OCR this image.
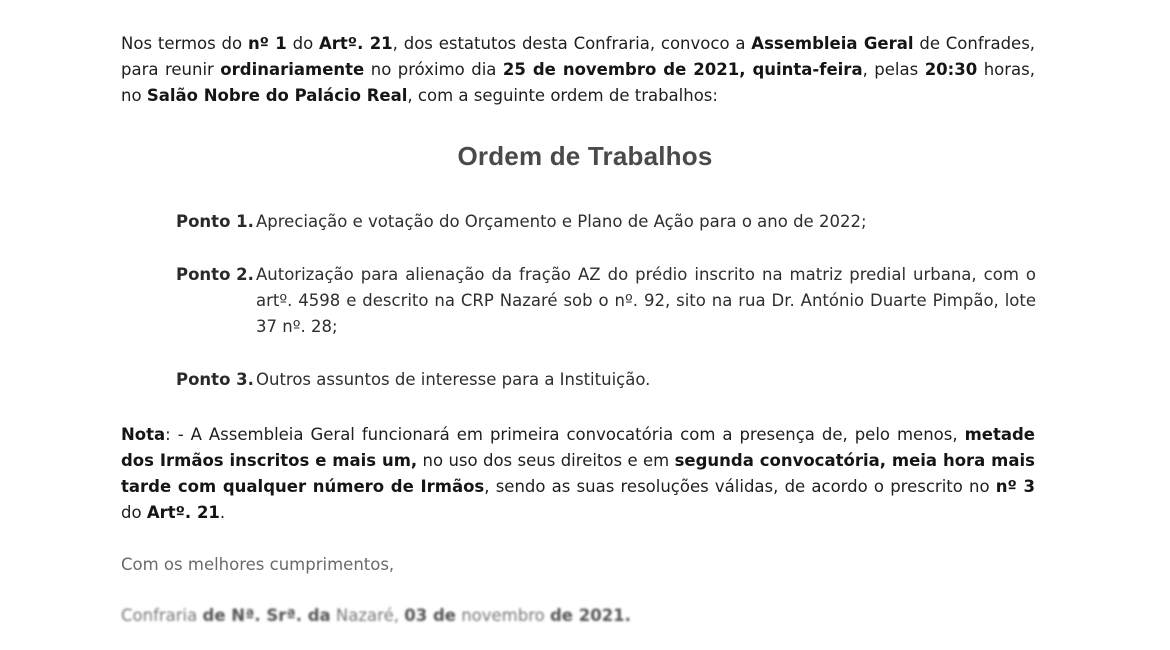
Nos termos do nº 1 do Artº. 21, dos estatutos desta Confraria, convoco a Assembleia Geral de Confrades, para reunir ordinariamente no próximo dia 25 de novembro de 2021, quinta-feira, pelas 20:30 horas, no Salão Nobre do Palácio Real, com a seguinte ordem de trabalhos:
Ordem de Trabalhos
Ponto 1. Apreciação e votação do Orçamento e Plano de Ação para o ano de 2022;
Ponto 2. Autorização para alienação da fração AZ do prédio inscrito na matriz predial urbana, com o artº. 4598 e descrito na CRP Nazaré sob o nº. 92, sito na rua Dr. António Duarte Pimpão, lote 37 nº. 28;
Ponto 3. Outros assuntos de interesse para a Instituição.
Nota: - A Assembleia Geral funcionará em primeira convocatória com a presença de, pelo menos, metade dos Irmãos inscritos e mais um, no uso dos seus direitos e em segunda convocatória, meia hora mais tarde com qualquer número de Irmãos, sendo as suas resoluções válidas, de acordo o prescrito no nº 3 do Artº. 21.
Com os melhores cumprimentos,
Confraria de Nª. Srª. da Nazaré, 03 de novembro de 2021.
